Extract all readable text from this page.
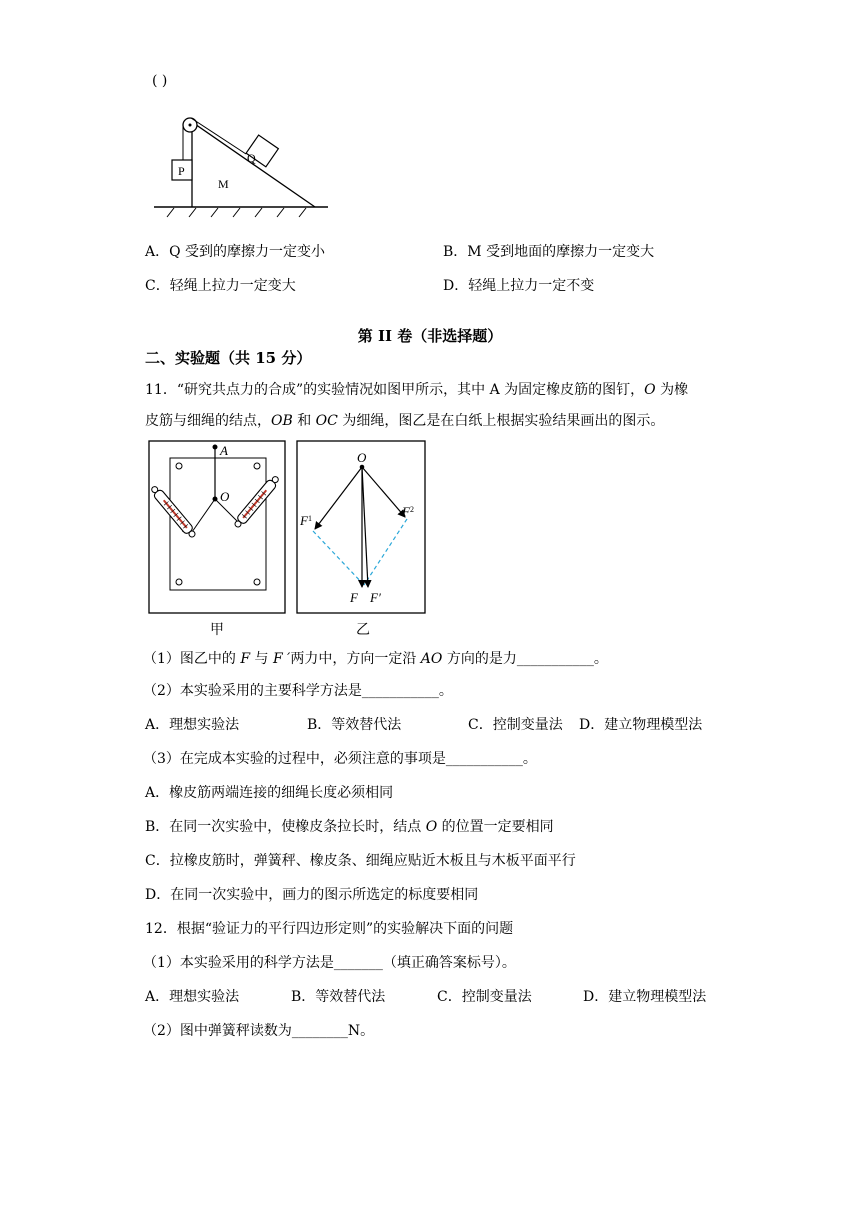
( )
M
P
Q
A．Q 受到的摩擦力一定变小	B．M 受到地面的摩擦力一定变大
C．轻绳上拉力一定变大	D．轻绳上拉力一定不变
第 II 卷（非选择题）
二、实验题（共 15 分）
11．“研究共点力的合成”的实验情况如图甲所示，其中 A 为固定橡皮筋的图钉，O 为橡
皮筋与细绳的结点，OB 和 OC 为细绳，图乙是在白纸上根据实验结果画出的图示。
A
O
甲
O
$F^1$	$F^2$
F F′
乙
（1）图乙中的 F 与 F ′两力中，方向一定沿 AO 方向的是力___________。
（2）本实验采用的主要科学方法是___________。
A．理想实验法	B．等效替代法	C．控制变量法 D．建立物理模型法
（3）在完成本实验的过程中，必须注意的事项是___________。
A．橡皮筋两端连接的细绳长度必须相同
B．在同一次实验中，使橡皮条拉长时，结点 O 的位置一定要相同
C．拉橡皮筋时，弹簧秤、橡皮条、细绳应贴近木板且与木板平面平行
D．在同一次实验中，画力的图示所选定的标度要相同
12．根据“验证力的平行四边形定则”的实验解决下面的问题
（1）本实验采用的科学方法是_______（填正确答案标号）。
A．理想实验法	B．等效替代法	C．控制变量法	D．建立物理模型法
（2）图中弹簧秤读数为________N。
